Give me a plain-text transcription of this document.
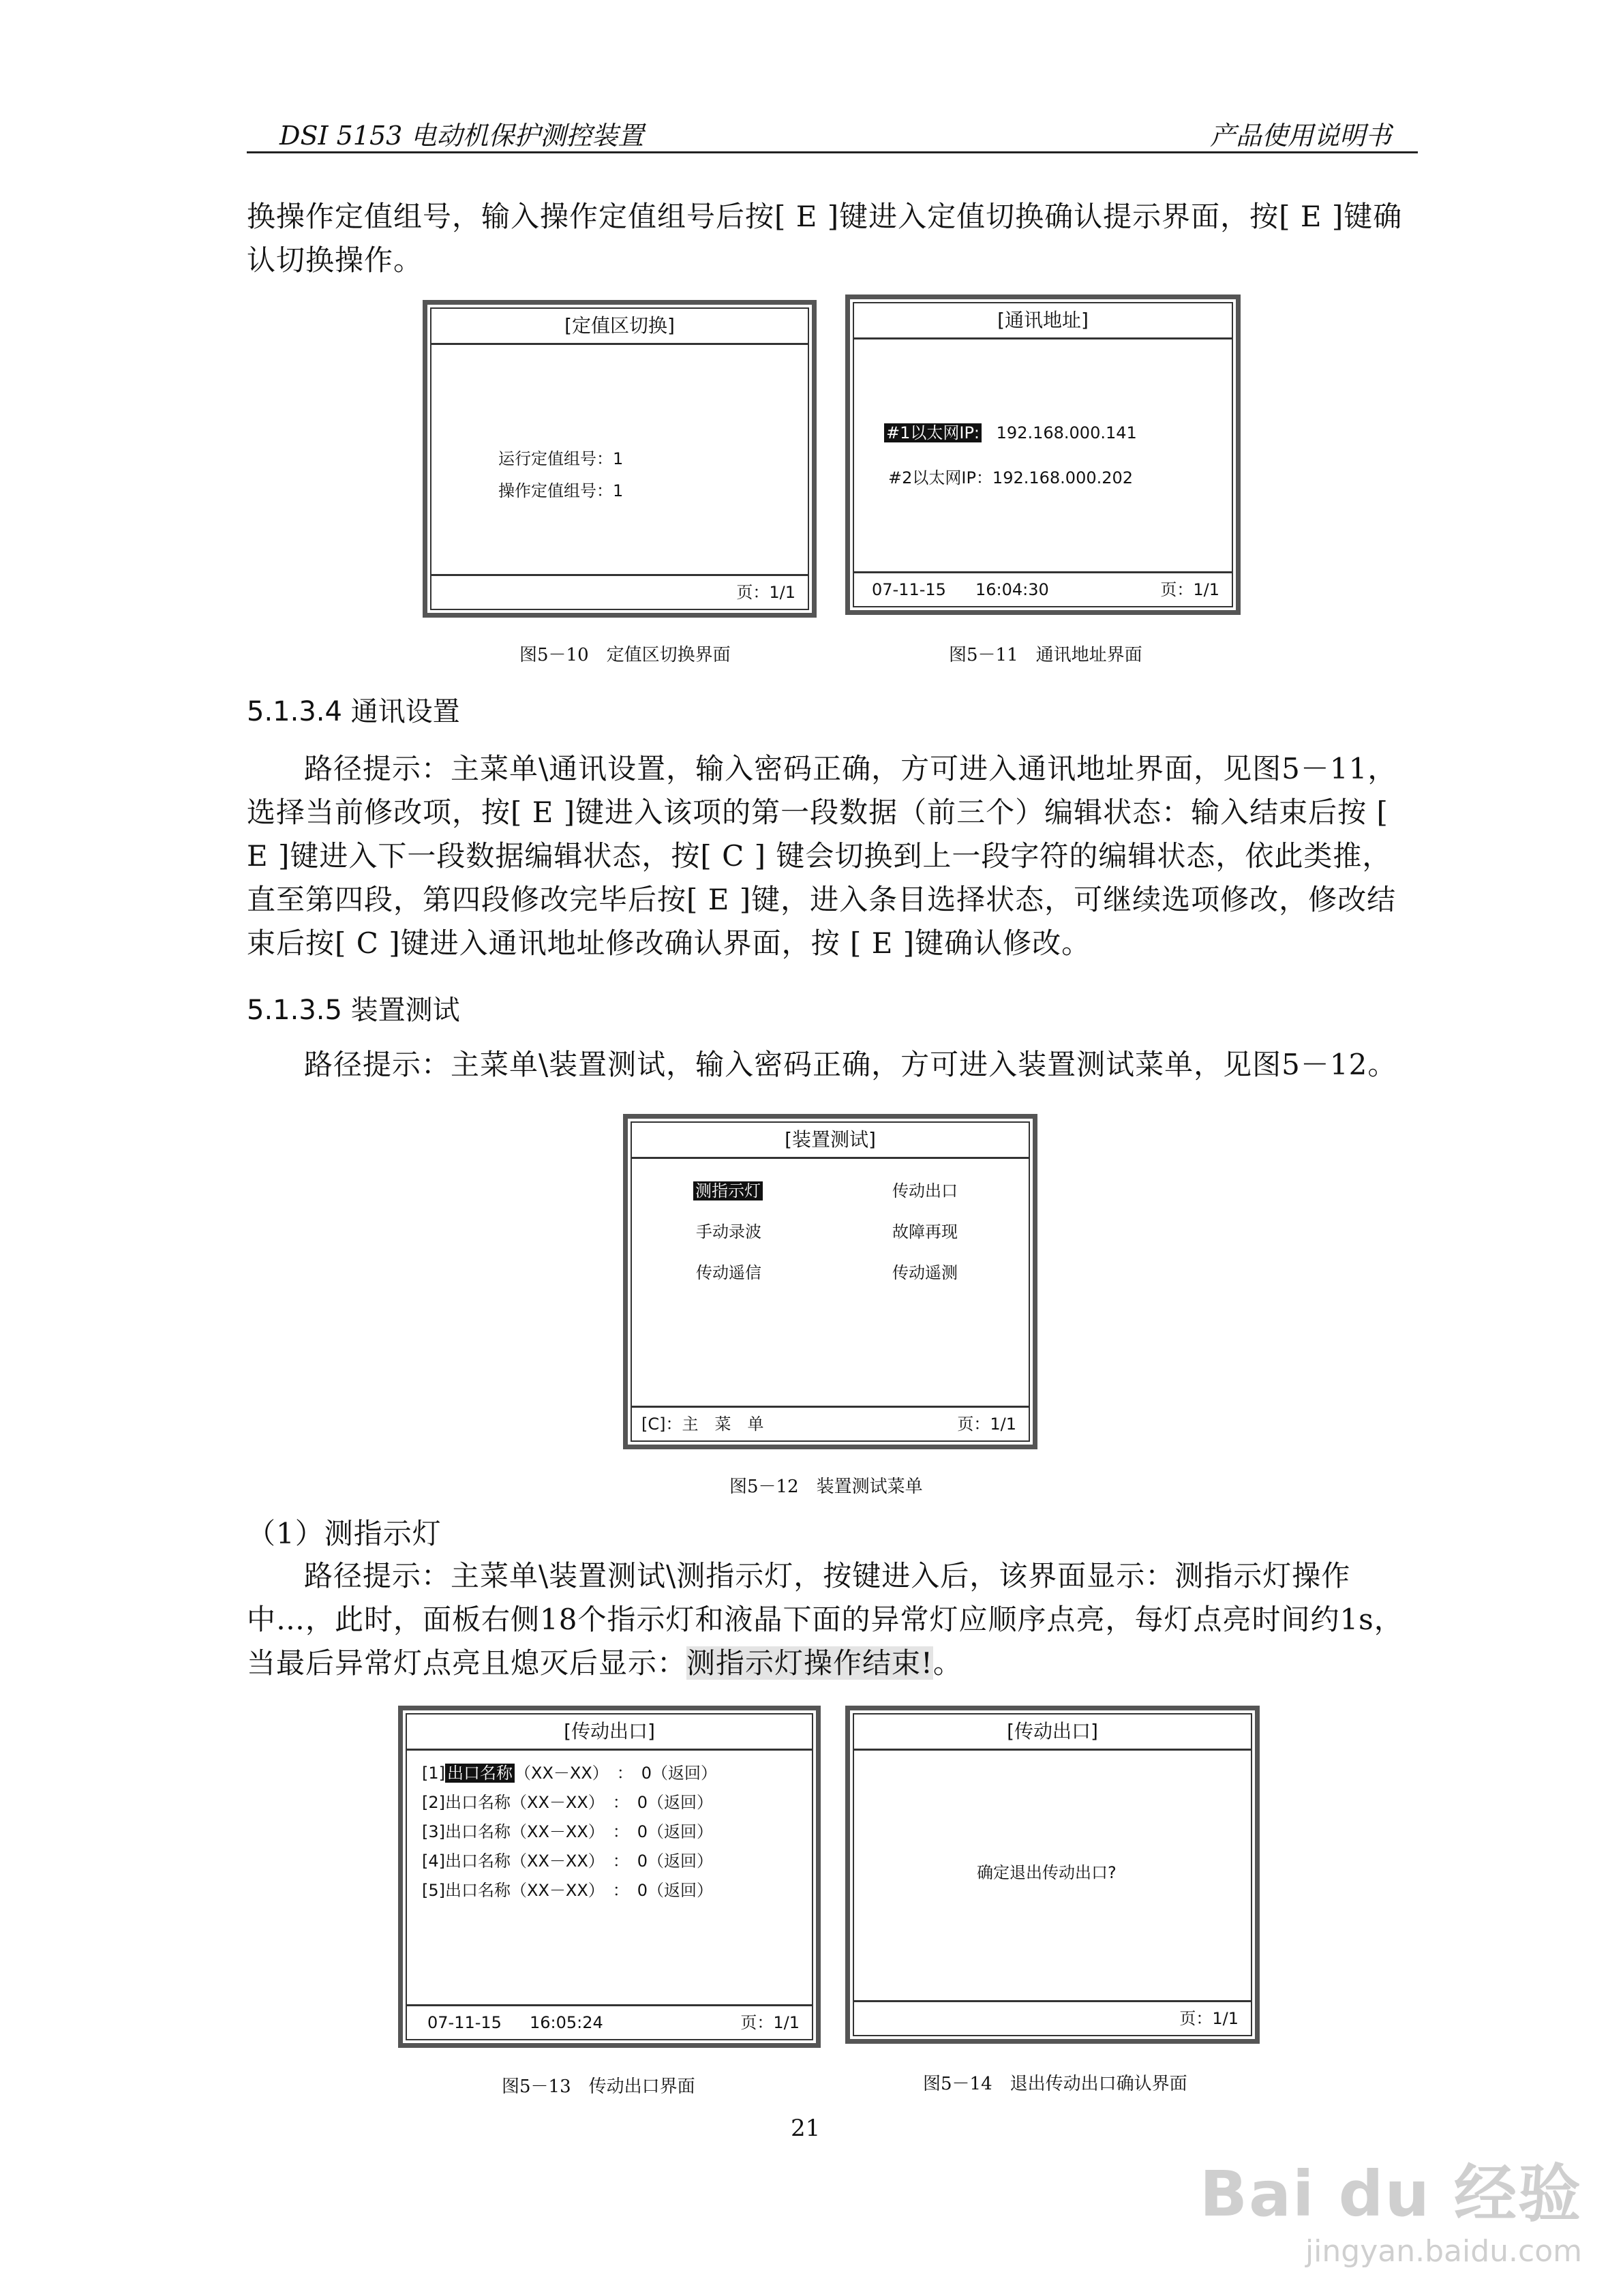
DSI 5153 电动机保护测控装置	产品使用说明书
换操作定值组号，输入操作定值组号后按[ E ]键进入定值切换确认提示界面，按[ E ]键确认切换操作。
[定值区切换]
运行定值组号：1
操作定值组号：1
页：1/1
图5－10　定值区切换界面
[通讯地址]
#1以太网IP: 192.168.000.141
#2以太网IP：192.168.000.202
07-11-15 16:04:30	页：1/1
图5－11　通讯地址界面
5.1.3.4 通讯设置
路径提示：主菜单\通讯设置，输入密码正确，方可进入通讯地址界面，见图5－11，选择当前修改项，按[ E ]键进入该项的第一段数据（前三个）编辑状态：输入结束后按 [ E ]键进入下一段数据编辑状态，按[ C ] 键会切换到上一段字符的编辑状态，依此类推，直至第四段，第四段修改完毕后按[ E ]键，进入条目选择状态，可继续选项修改，修改结束后按[ C ]键进入通讯地址修改确认界面，按 [ E ]键确认修改。
5.1.3.5 装置测试
路径提示：主菜单\装置测试，输入密码正确，方可进入装置测试菜单，见图5－12。
[装置测试]
测指示灯	传动出口
手动录波	故障再现
传动遥信	传动遥测
[C]：主　菜　单	页：1/1
图5－12　装置测试菜单
（1）测指示灯
路径提示：主菜单\装置测试\测指示灯，按键进入后，该界面显示：测指示灯操作中…，此时，面板右侧18个指示灯和液晶下面的异常灯应顺序点亮，每灯点亮时间约1s，当最后异常灯点亮且熄灭后显示：测指示灯操作结束!。
[传动出口]
[1] 出口名称 （XX－XX）　：　0（返回）
[2]出口名称（XX－XX）　：　0（返回）
[3]出口名称（XX－XX）　：　0（返回）
[4]出口名称（XX－XX）　：　0（返回）
[5]出口名称（XX－XX）　：　0（返回）
07-11-15 16:05:24	页：1/1
图5－13　传动出口界面
[传动出口]
确定退出传动出口?
页：1/1
图5－14　退出传动出口确认界面
21
Bai du 经验
jingyan.baidu.com
